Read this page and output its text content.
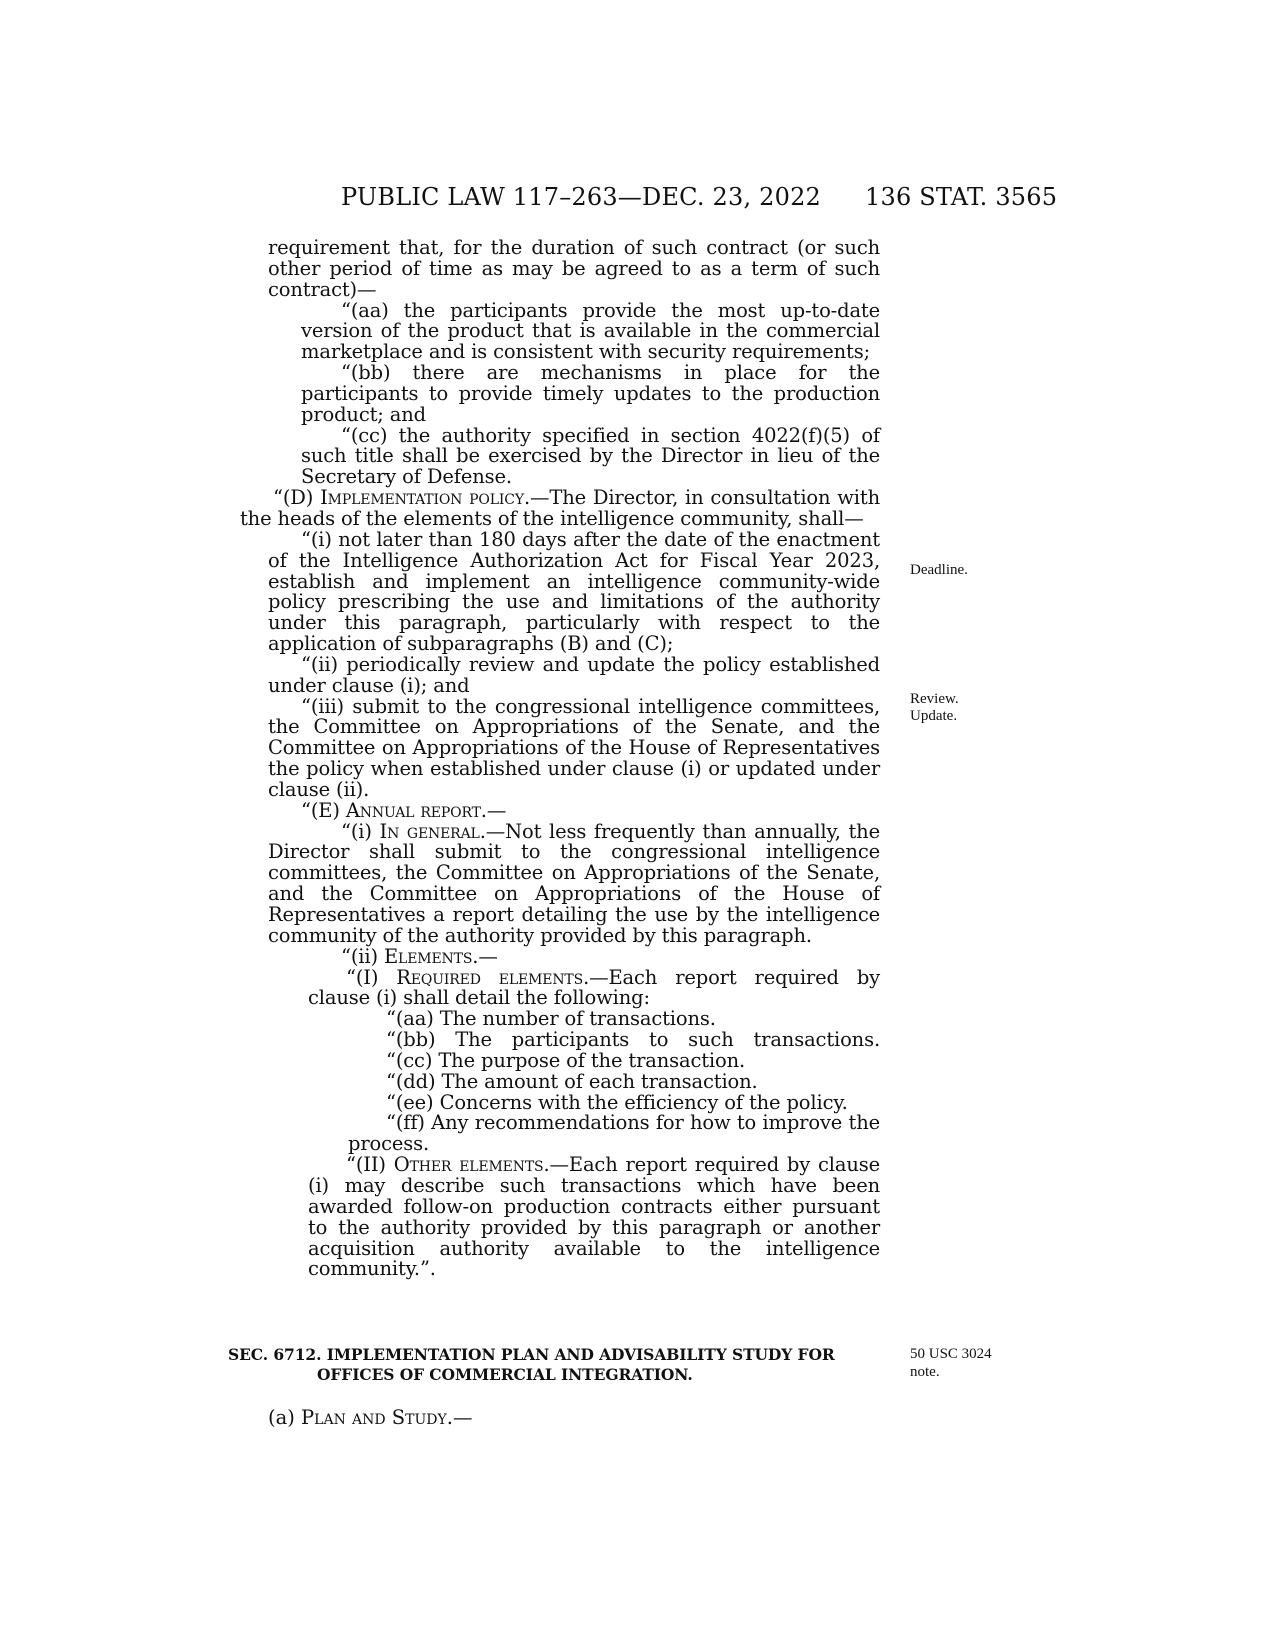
PUBLIC LAW 117–263—DEC. 23, 2022 136 STAT. 3565

requirement that, for the duration of such contract (or such other period of time as may be agreed to as a term of such contract)—

“(aa) the participants provide the most up-to-date version of the product that is available in the commercial marketplace and is consistent with security requirements;

“(bb) there are mechanisms in place for the participants to provide timely updates to the production product; and

“(cc) the authority specified in section 4022(f)(5) of such title shall be exercised by the Director in lieu of the Secretary of Defense.

“(D) Implementation policy.—The Director, in consultation with the heads of the elements of the intelligence community, shall—

“(i) not later than 180 days after the date of the enactment of the Intelligence Authorization Act for Fiscal Year 2023, establish and implement an intelligence community-wide policy prescribing the use and limitations of the authority under this paragraph, particularly with respect to the application of subparagraphs (B) and (C);

“(ii) periodically review and update the policy established under clause (i); and

“(iii) submit to the congressional intelligence committees, the Committee on Appropriations of the Senate, and the Committee on Appropriations of the House of Representatives the policy when established under clause (i) or updated under clause (ii).

“(E) Annual report.—

“(i) In general.—Not less frequently than annually, the Director shall submit to the congressional intelligence committees, the Committee on Appropriations of the Senate, and the Committee on Appropriations of the House of Representatives a report detailing the use by the intelligence community of the authority provided by this paragraph.

“(ii) Elements.—

“(I) Required elements.—Each report required by clause (i) shall detail the following:

“(aa) The number of transactions.

“(bb) The participants to such transactions.

“(cc) The purpose of the transaction.

“(dd) The amount of each transaction.

“(ee) Concerns with the efficiency of the policy.

“(ff) Any recommendations for how to improve the process.

“(II) Other elements.—Each report required by clause (i) may describe such transactions which have been awarded follow-on production contracts either pursuant to the authority provided by this paragraph or another acquisition authority available to the intelligence community.”.

SEC. 6712. IMPLEMENTATION PLAN AND ADVISABILITY STUDY FOR
OFFICES OF COMMERCIAL INTEGRATION.
(a) Plan and Study.—
Deadline.
Review.
Update.
50 USC 3024
note.
